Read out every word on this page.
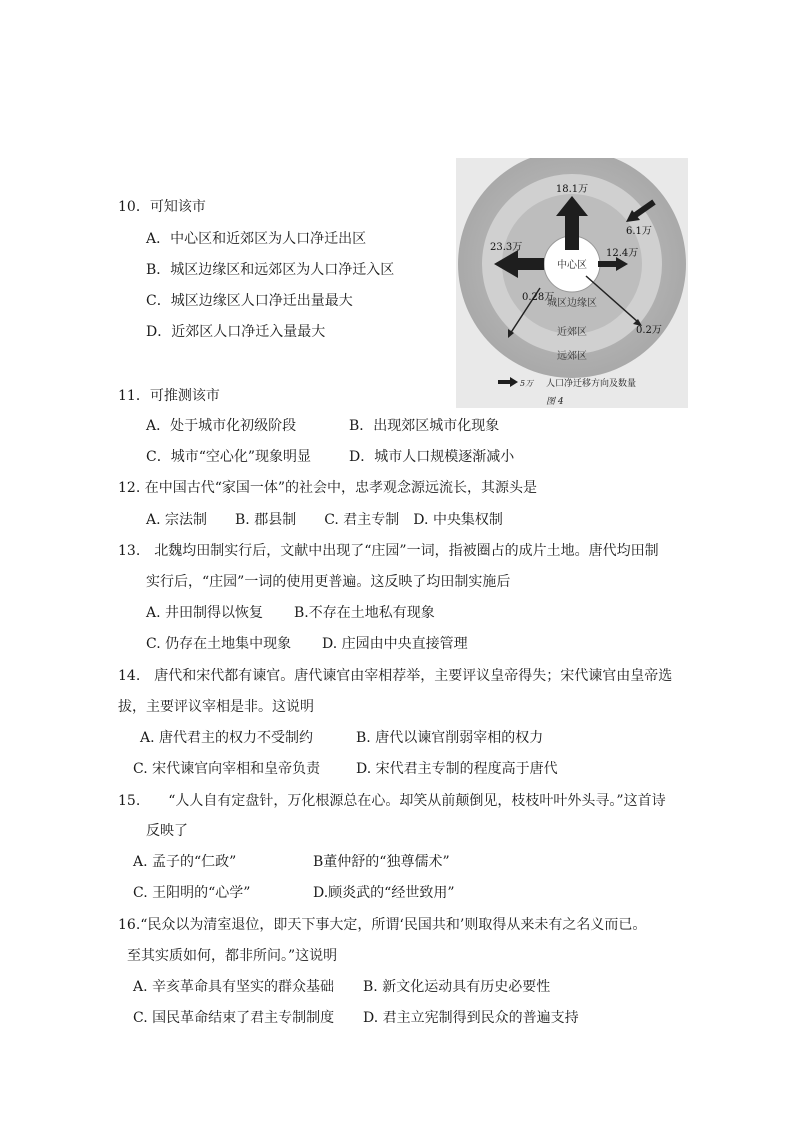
10．可知该市
A．中心区和近郊区为人口净迁出区
B．城区边缘区和远郊区为人口净迁入区
C．城区边缘区人口净迁出量最大
D．近郊区人口净迁入量最大
中心区
城区边缘区
近郊区
远郊区
18.1万
23.3万
12.4万
6.1万
0.28万
0.2万
5万 人口净迁移方向及数量
图 4
11．可推测该市
A．处于城市化初级阶段	B．出现郊区城市化现象
C．城市“空心化”现象明显	D．城市人口规模逐渐减小
12. 在中国古代“家国一体”的社会中，忠孝观念源远流长，其源头是
A. 宗法制　　B. 郡县制　　C. 君主专制　D. 中央集权制
13.　北魏均田制实行后，文献中出现了“庄园”一词，指被圈占的成片土地。唐代均田制
实行后，“庄园”一词的使用更普遍。这反映了均田制实施后
A. 井田制得以恢复 B.不存在土地私有现象
C. 仍存在土地集中现象 D. 庄园由中央直接管理
14.　唐代和宋代都有谏官。唐代谏官由宰相荐举，主要评议皇帝得失；宋代谏官由皇帝选
拔，主要评议宰相是非。这说明
A. 唐代君主的权力不受制约	B. 唐代以谏官削弱宰相的权力
C. 宋代谏官向宰相和皇帝负责	D. 宋代君主专制的程度高于唐代
15.　　“人人自有定盘针，万化根源总在心。却笑从前颠倒见，枝枝叶叶外头寻。”这首诗
反映了
A. 孟子的“仁政”	B董仲舒的“独尊儒术”
C. 王阳明的“心学”	D.顾炎武的“经世致用”
16.“民众以为清室退位，即天下事大定，所谓‘民国共和’则取得从来未有之名义而已。
至其实质如何，都非所问。”这说明
A. 辛亥革命具有坚实的群众基础 B. 新文化运动具有历史必要性
C. 国民革命结束了君主专制制度 D. 君主立宪制得到民众的普遍支持
